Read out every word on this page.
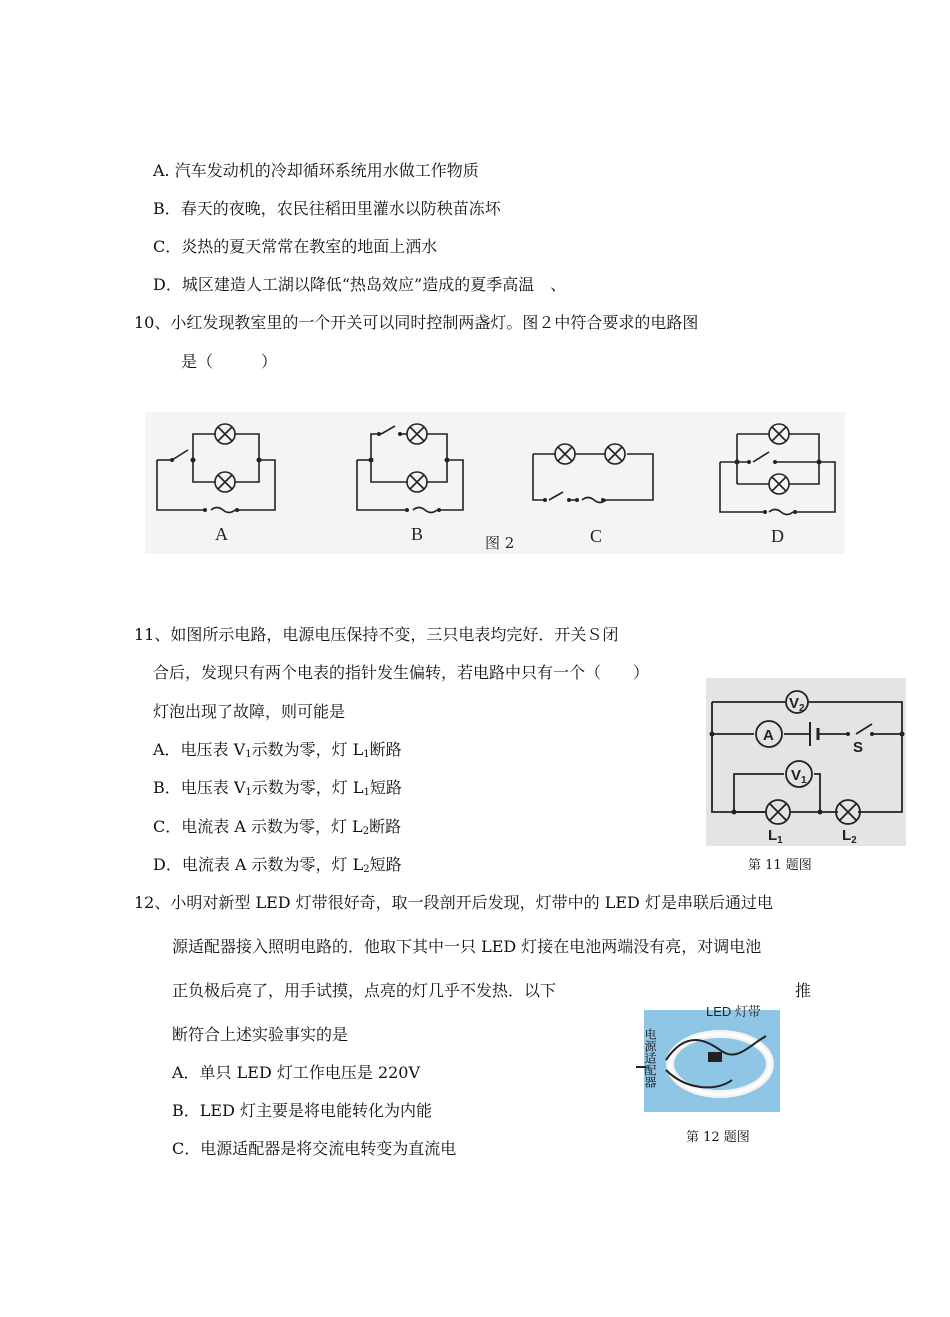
A. 汽车发动机的冷却循环系统用水做工作物质
B．春天的夜晚，农民往稻田里灌水以防秧苗冻坏
C．炎热的夏天常常在教室的地面上洒水
D．城区建造人工湖以降低“热岛效应”造成的夏季高温　、
10、小红发现教室里的一个开关可以同时控制两盏灯。图２中符合要求的电路图
是（　　　）
A	B	C	D
图 2
11、如图所示电路，电源电压保持不变，三只电表均完好．开关Ｓ闭
合后，发现只有两个电表的指针发生偏转，若电路中只有一个（　　）
灯泡出现了故障，则可能是
A．电压表 $V_1$示数为零，灯 $L_1$断路
B．电压表 $V_1$示数为零，灯 $L_1$短路
C．电流表 A 示数为零，灯 $L_2$断路
D．电流表 A 示数为零，灯 $L_2$短路
$V_2$
A
$V_1$
S
$L_1$	$L_2$
第 11 题图
12、小明对新型 LED 灯带很好奇，取一段剖开后发现，灯带中的 LED 灯是串联后通过电
源适配器接入照明电路的．他取下其中一只 LED 灯接在电池两端没有亮，对调电池
正负极后亮了，用手试摸，点亮的灯几乎不发热．以下	推
断符合上述实验事实的是
A．单只 LED 灯工作电压是 220V
B．LED 灯主要是将电能转化为内能
C．电源适配器是将交流电转变为直流电
LED 灯带
电源适配器
第 12 题图
